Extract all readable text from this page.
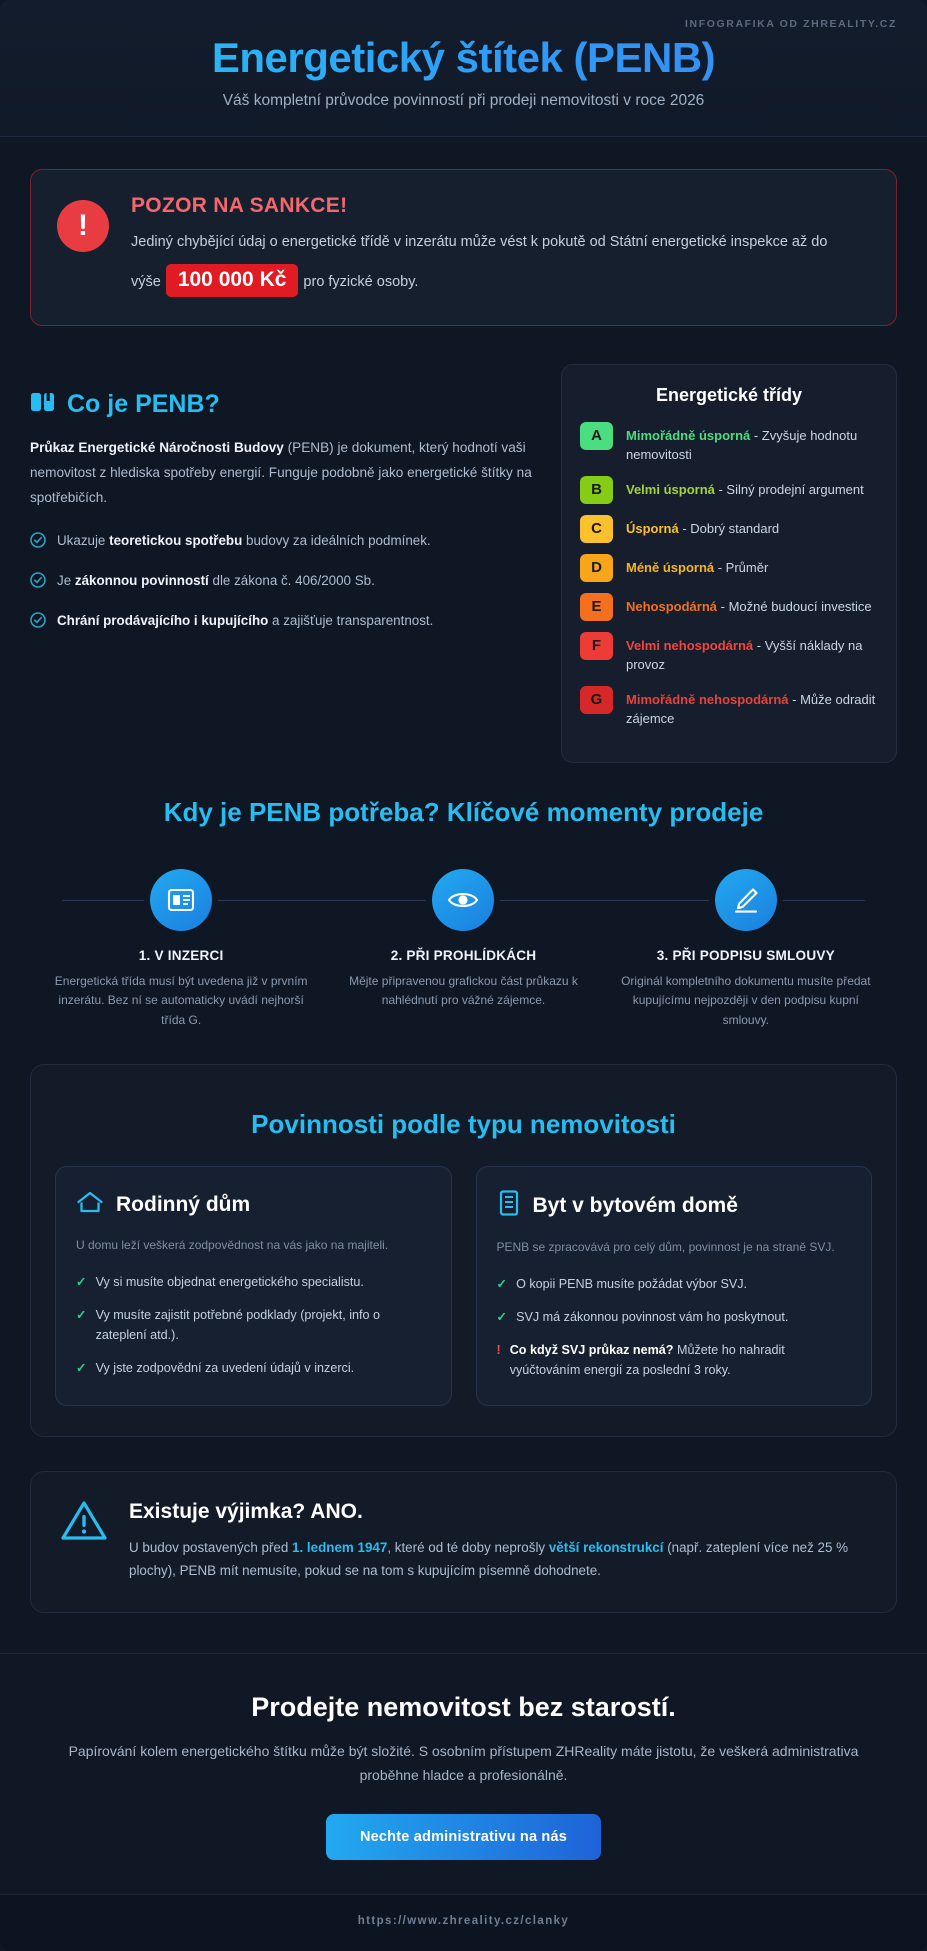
INFOGRAFIKA OD ZHREALITY.CZ
Energetický štítek (PENB)
Váš kompletní průvodce povinností při prodeji nemovitosti v roce 2026
!
POZOR NA SANKCE!
Jediný chybějící údaj o energetické třídě v inzerátu může vést k pokutě od Státní energetické inspekce až do výše 100 000 Kč pro fyzické osoby.
Co je PENB?
Průkaz Energetické Náročnosti Budovy (PENB) je dokument, který hodnotí vaši nemovitost z hlediska spotřeby energií. Funguje podobně jako energetické štítky na spotřebičích.
Ukazuje teoretickou spotřebu budovy za ideálních podmínek.
Je zákonnou povinností dle zákona č. 406/2000 Sb.
Chrání prodávajícího i kupujícího a zajišťuje transparentnost.
Energetické třídy
A	Mimořádně úsporná - Zvyšuje hodnotu nemovitosti
B	Velmi úsporná - Silný prodejní argument
C	Úsporná - Dobrý standard
D	Méně úsporná - Průměr
E	Nehospodárná - Možné budoucí investice
F	Velmi nehospodárná - Vyšší náklady na provoz
G	Mimořádně nehospodárná - Může odradit zájemce
Kdy je PENB potřeba? Klíčové momenty prodeje
1. V INZERCI
Energetická třída musí být uvedena již v prvním inzerátu. Bez ní se automaticky uvádí nejhorší třída G.
2. PŘI PROHLÍDKÁCH
Mějte připravenou grafickou část průkazu k nahlédnutí pro vážné zájemce.
3. PŘI PODPISU SMLOUVY
Originál kompletního dokumentu musíte předat kupujícímu nejpozději v den podpisu kupní smlouvy.
Povinnosti podle typu nemovitosti
Rodinný dům
U domu leží veškerá zodpovědnost na vás jako na majiteli.
✓ Vy si musíte objednat energetického specialistu.
✓ Vy musíte zajistit potřebné podklady (projekt, info o zateplení atd.).
✓ Vy jste zodpovědní za uvedení údajů v inzerci.
Byt v bytovém domě
PENB se zpracovává pro celý dům, povinnost je na straně SVJ.
✓ O kopii PENB musíte požádat výbor SVJ.
✓ SVJ má zákonnou povinnost vám ho poskytnout.
! Co když SVJ průkaz nemá? Můžete ho nahradit vyúčtováním energií za poslední 3 roky.
Existuje výjimka? ANO.
U budov postavených před 1. lednem 1947, které od té doby neprošly větší rekonstrukcí (např. zateplení více než 25 % plochy), PENB mít nemusíte, pokud se na tom s kupujícím písemně dohodnete.
Prodejte nemovitost bez starostí.

Papírování kolem energetického štítku může být složité. S osobním přístupem ZHReality máte jistotu, že veškerá administrativa proběhne hladce a profesionálně.

Nechte administrativu na nás
https://www.zhreality.cz/clanky
